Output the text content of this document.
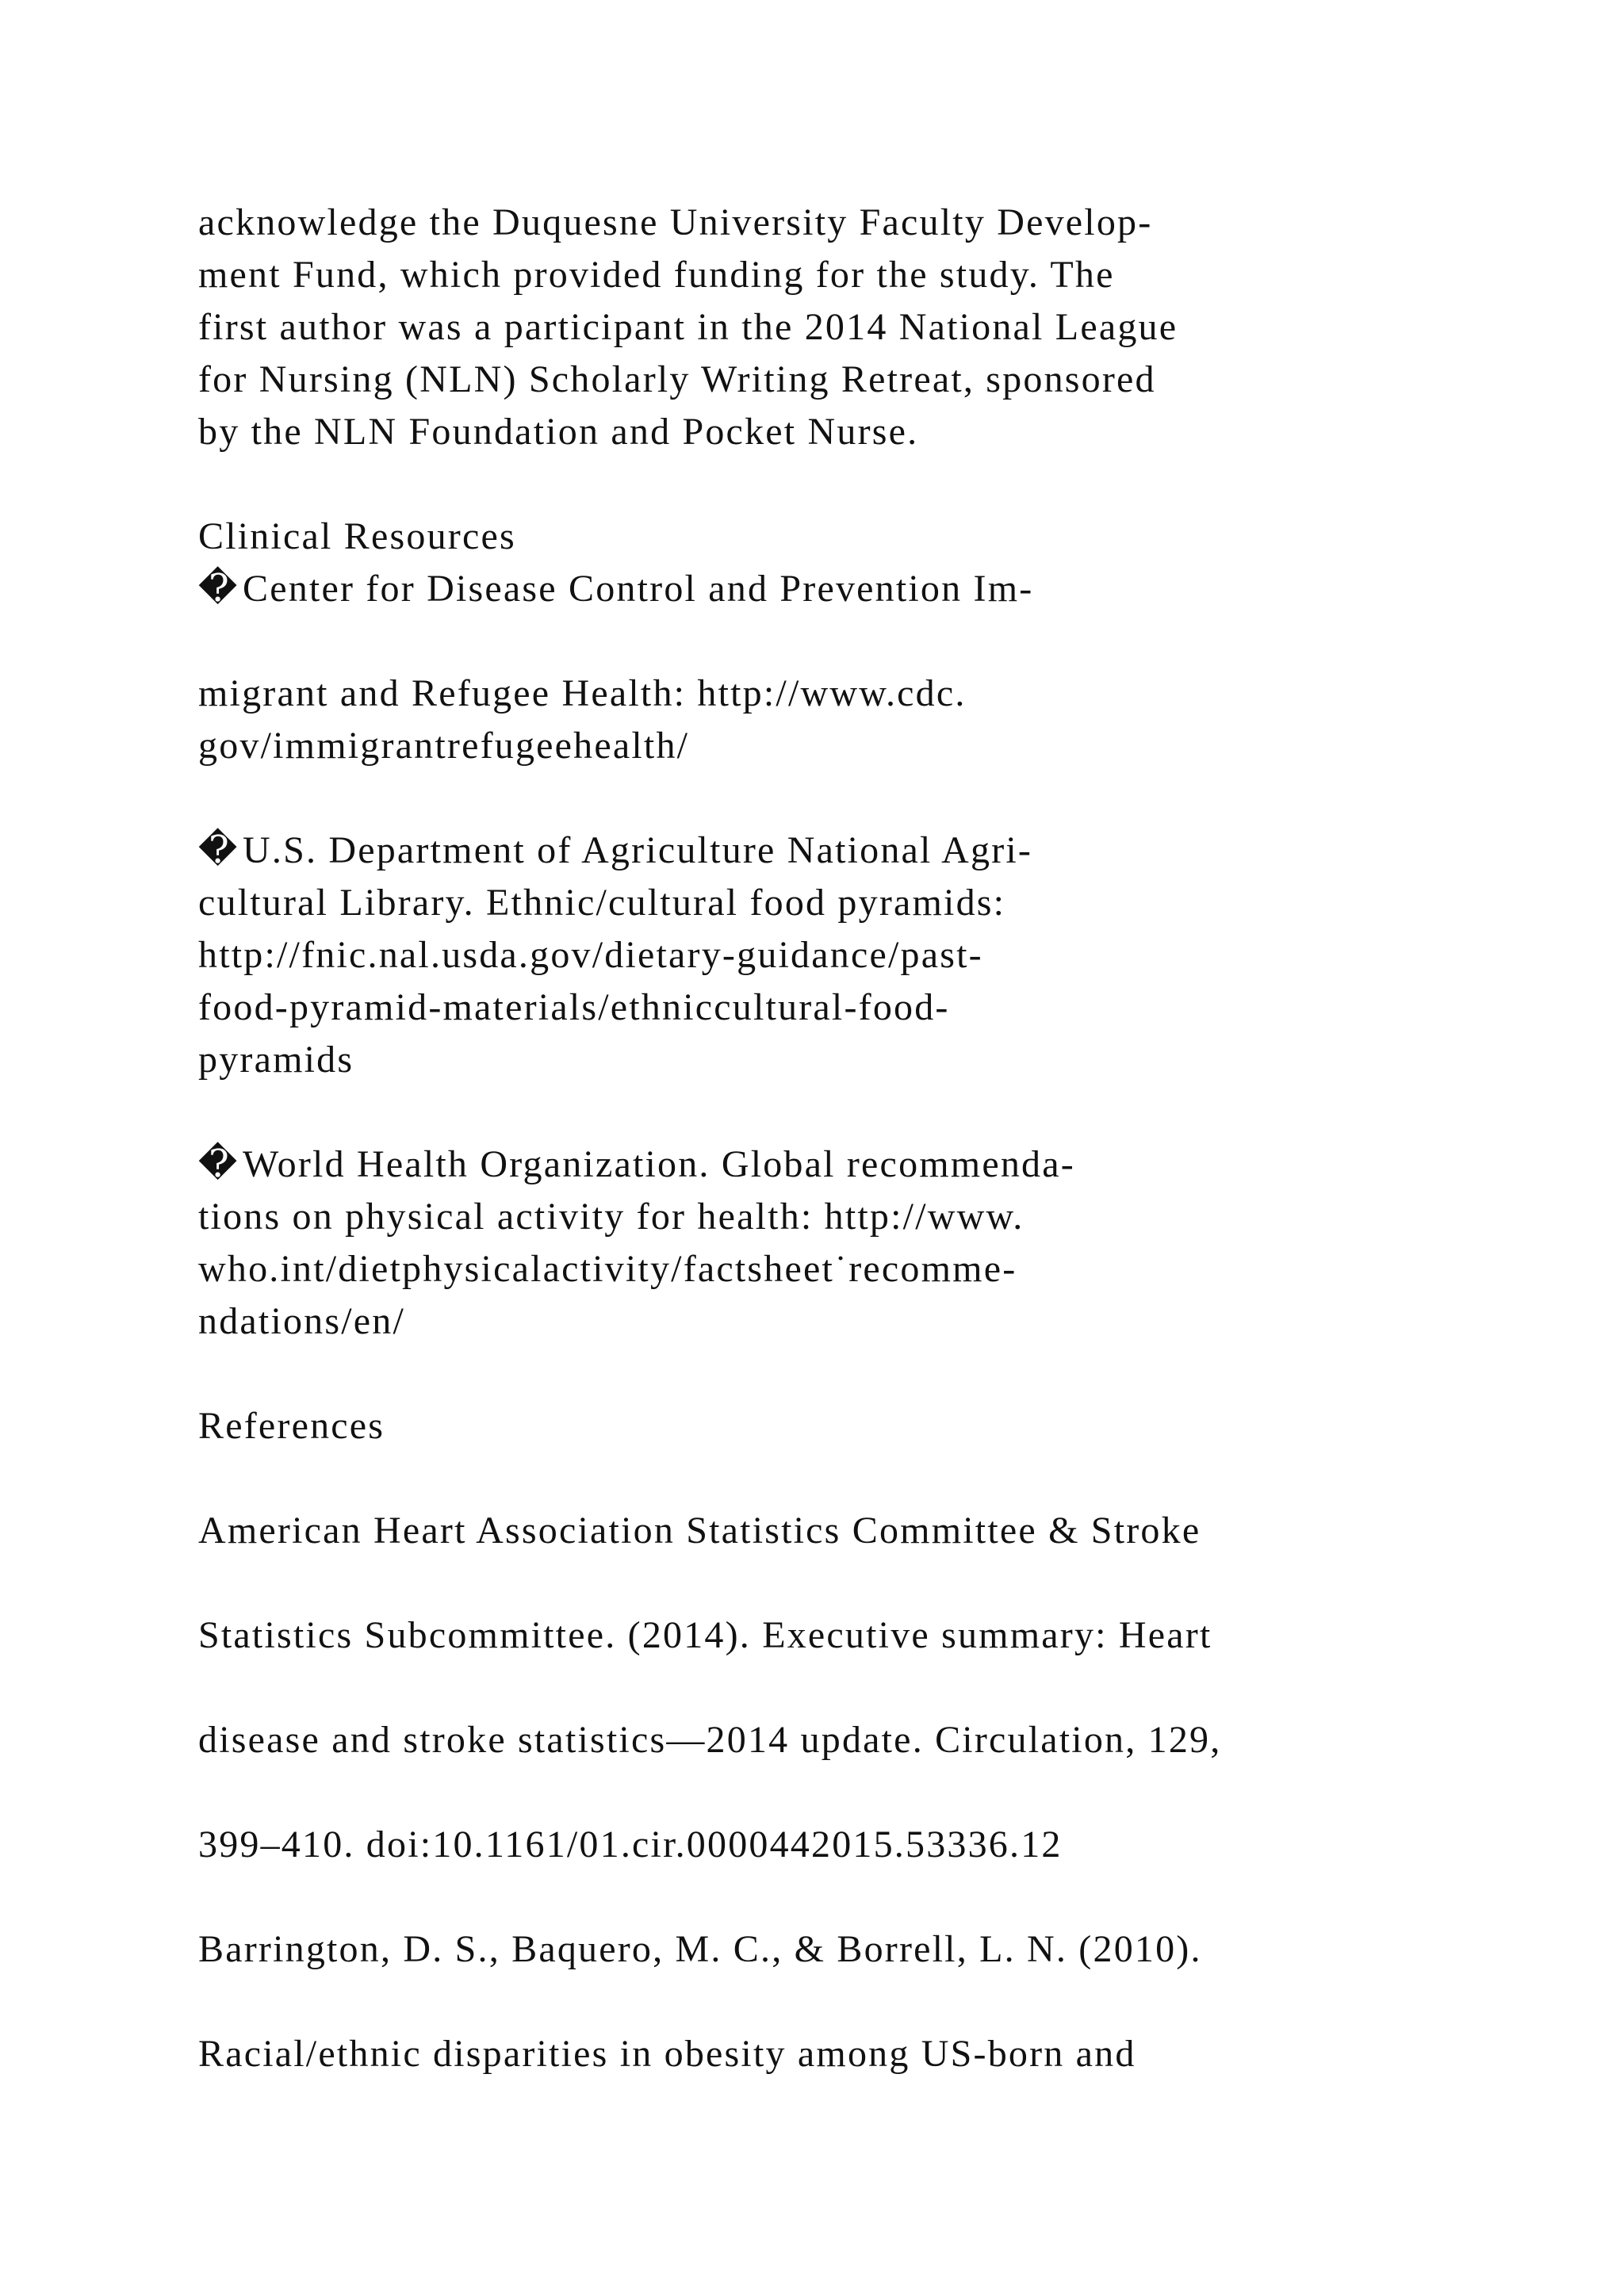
acknowledge the Duquesne University Faculty Develop-
ment Fund, which provided funding for the study. The
first author was a participant in the 2014 National League
for Nursing (NLN) Scholarly Writing Retreat, sponsored
by the NLN Foundation and Pocket Nurse.
Clinical Resources
� Center for Disease Control and Prevention Im-
migrant and Refugee Health: http://www.cdc.
gov/immigrantrefugeehealth/
� U.S. Department of Agriculture National Agri-
cultural Library. Ethnic/cultural food pyramids:
http://fnic.nal.usda.gov/dietary-guidance/past-
food-pyramid-materials/ethniccultural-food-
pyramids
� World Health Organization. Global recommenda-
tions on physical activity for health: http://www.
who.int/dietphysicalactivity/factsheet˙recomme-
ndations/en/
References
American Heart Association Statistics Committee & Stroke
Statistics Subcommittee. (2014). Executive summary: Heart
disease and stroke statistics—2014 update. Circulation, 129,
399–410. doi:10.1161/01.cir.0000442015.53336.12
Barrington, D. S., Baquero, M. C., & Borrell, L. N. (2010).
Racial/ethnic disparities in obesity among US-born and
